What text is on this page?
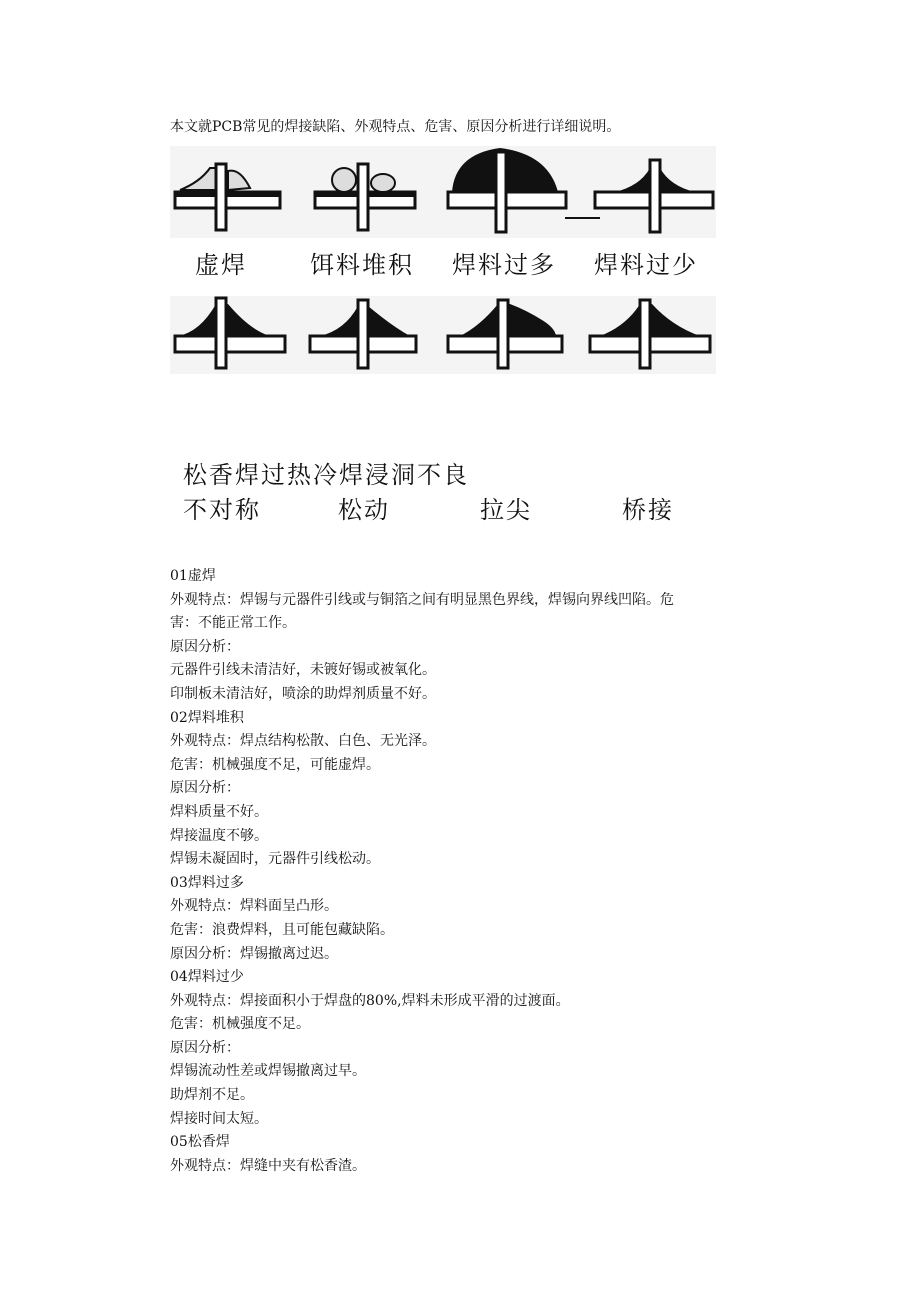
本文就PCB常见的焊接缺陷、外观特点、危害、原因分析进行详细说明。
虚焊	饵料堆积 焊料过多 焊料过少
松香焊过热冷焊浸洞不良
不对称	松动	拉尖	桥接
01虚焊
外观特点：焊锡与元器件引线或与铜箔之间有明显黑色界线，焊锡向界线凹陷。危
害：不能正常工作。
原因分析：
元器件引线未清洁好，未镀好锡或被氧化。
印制板未清洁好，喷涂的助焊剂质量不好。
02焊料堆积
外观特点：焊点结构松散、白色、无光泽。
危害：机械强度不足，可能虚焊。
原因分析：
焊料质量不好。
焊接温度不够。
焊锡未凝固时，元器件引线松动。
03焊料过多
外观特点：焊料面呈凸形。
危害：浪费焊料，且可能包藏缺陷。
原因分析：焊锡撤离过迟。
04焊料过少
外观特点：焊接面积小于焊盘的80%,焊料未形成平滑的过渡面。
危害：机械强度不足。
原因分析：
焊锡流动性差或焊锡撤离过早。
助焊剂不足。
焊接时间太短。
05松香焊
外观特点：焊缝中夹有松香渣。
